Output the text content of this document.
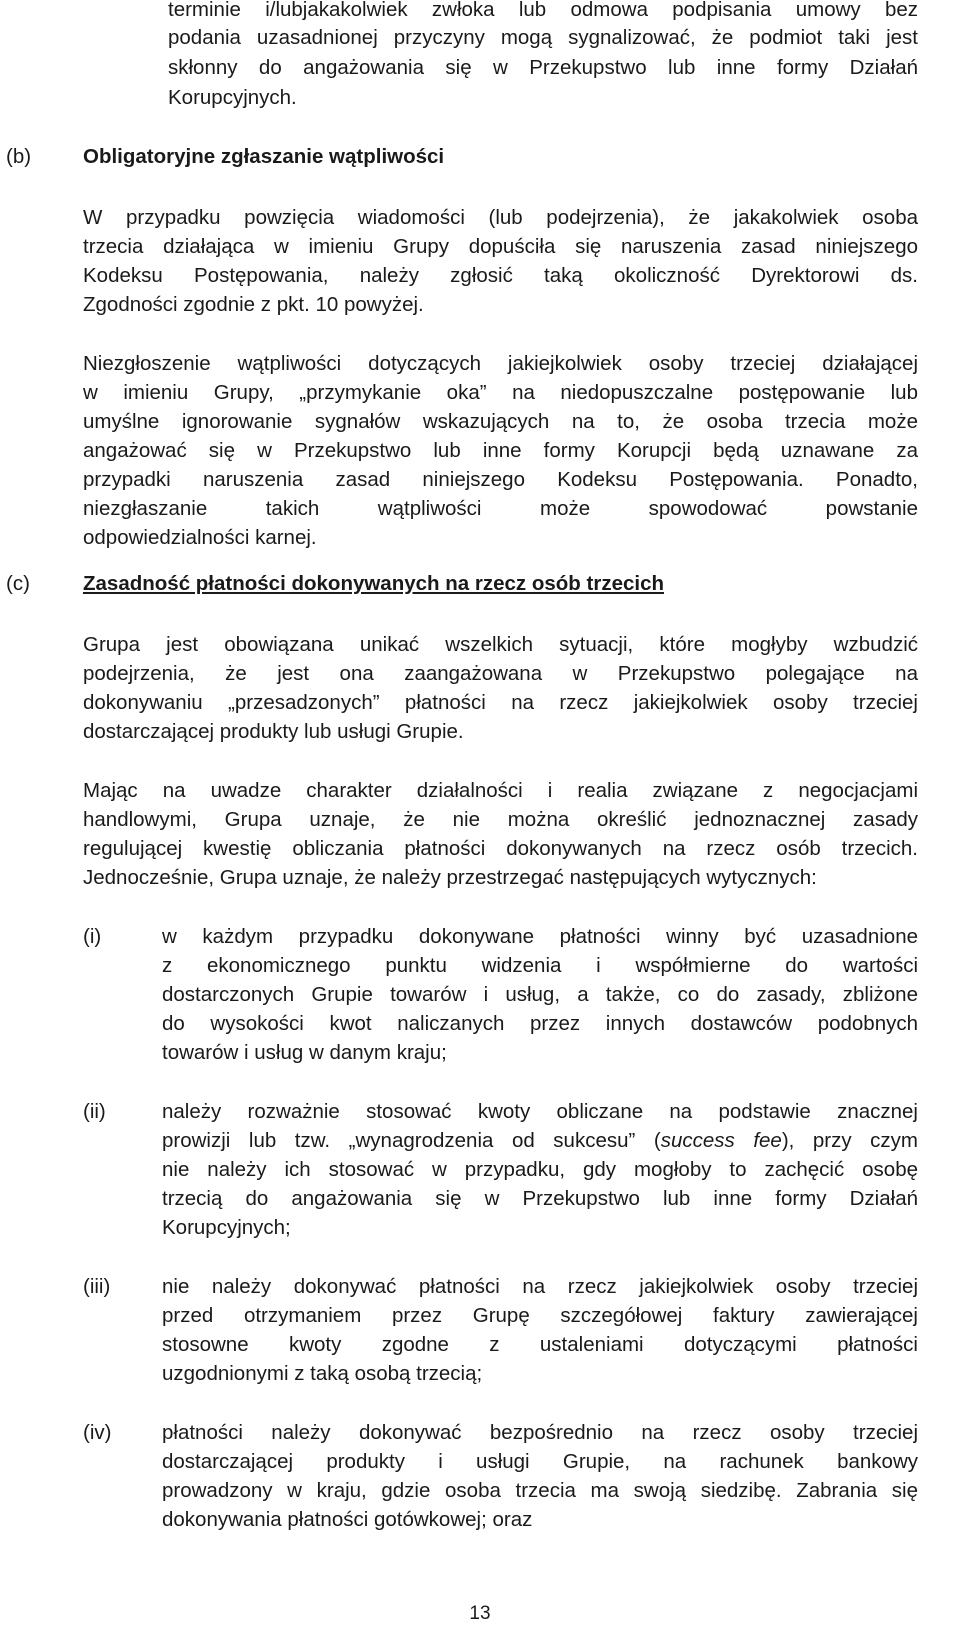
terminie i/lubjakakolwiek zwłoka lub odmowa podpisania umowy bez
podania uzasadnionej przyczyny mogą sygnalizować, że podmiot taki jest
skłonny do angażowania się w Przekupstwo lub inne formy Działań
Korupcyjnych.
(b)	Obligatoryjne zgłaszanie wątpliwości
W przypadku powzięcia wiadomości (lub podejrzenia), że jakakolwiek osoba
trzecia działająca w imieniu Grupy dopuściła się naruszenia zasad niniejszego
Kodeksu Postępowania, należy zgłosić taką okoliczność Dyrektorowi ds.
Zgodności zgodnie z pkt. 10 powyżej.
Niezgłoszenie wątpliwości dotyczących jakiejkolwiek osoby trzeciej działającej
w imieniu Grupy, „przymykanie oka” na niedopuszczalne postępowanie lub
umyślne ignorowanie sygnałów wskazujących na to, że osoba trzecia może
angażować się w Przekupstwo lub inne formy Korupcji będą uznawane za
przypadki naruszenia zasad niniejszego Kodeksu Postępowania. Ponadto,
niezgłaszanie takich wątpliwości może spowodować powstanie
odpowiedzialności karnej.
(c)	Zasadność płatności dokonywanych na rzecz osób trzecich
Grupa jest obowiązana unikać wszelkich sytuacji, które mogłyby wzbudzić
podejrzenia, że jest ona zaangażowana w Przekupstwo polegające na
dokonywaniu „przesadzonych” płatności na rzecz jakiejkolwiek osoby trzeciej
dostarczającej produkty lub usługi Grupie.
Mając na uwadze charakter działalności i realia związane z negocjacjami
handlowymi, Grupa uznaje, że nie można określić jednoznacznej zasady
regulującej kwestię obliczania płatności dokonywanych na rzecz osób trzecich.
Jednocześnie, Grupa uznaje, że należy przestrzegać następujących wytycznych:
(i)	w każdym przypadku dokonywane płatności winny być uzasadnione
z ekonomicznego punktu widzenia i współmierne do wartości
dostarczonych Grupie towarów i usług, a także, co do zasady, zbliżone
do wysokości kwot naliczanych przez innych dostawców podobnych
towarów i usług w danym kraju;
(ii)	należy rozważnie stosować kwoty obliczane na podstawie znacznej
prowizji lub tzw. „wynagrodzenia od sukcesu” (success fee), przy czym
nie należy ich stosować w przypadku, gdy mogłoby to zachęcić osobę
trzecią do angażowania się w Przekupstwo lub inne formy Działań
Korupcyjnych;
(iii)	nie należy dokonywać płatności na rzecz jakiejkolwiek osoby trzeciej
przed otrzymaniem przez Grupę szczegółowej faktury zawierającej
stosowne kwoty zgodne z ustaleniami dotyczącymi płatności
uzgodnionymi z taką osobą trzecią;
(iv) płatności należy dokonywać bezpośrednio na rzecz osoby trzeciej
dostarczającej produkty i usługi Grupie, na rachunek bankowy
prowadzony w kraju, gdzie osoba trzecia ma swoją siedzibę. Zabrania się
dokonywania płatności gotówkowej; oraz
13
